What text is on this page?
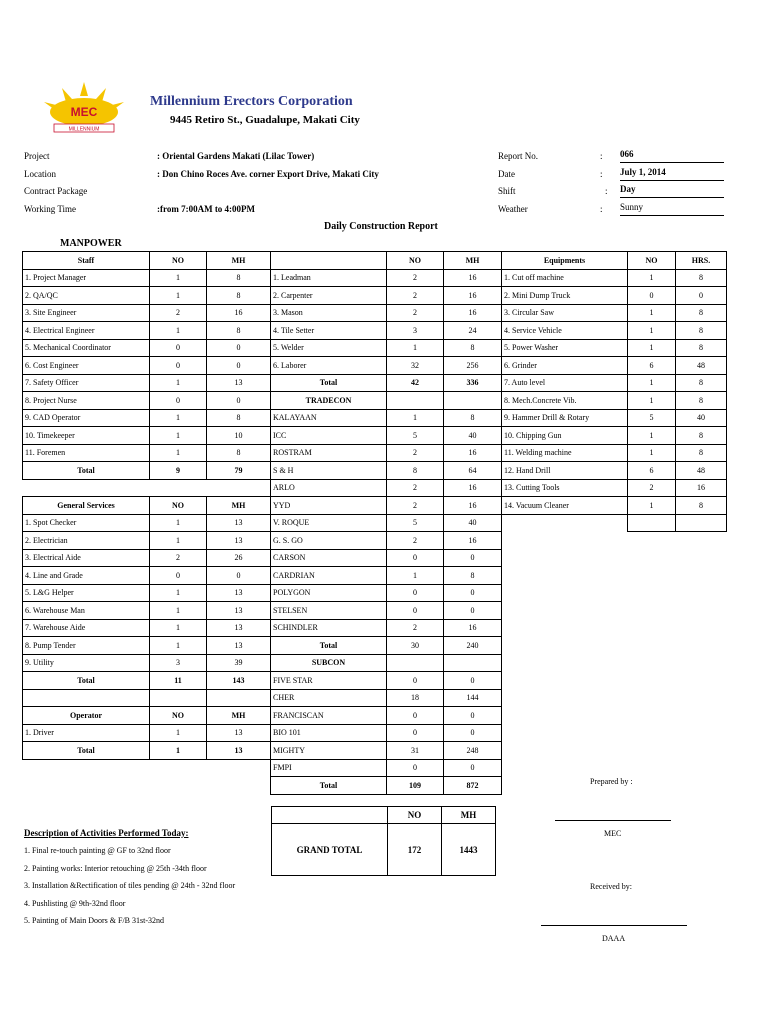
MEC
MILLENNIUM
Millennium Erectors Corporation
9445 Retiro St., Guadalupe, Makati City
Project	: Oriental Gardens Makati (Lilac Tower)
Location	: Don Chino Roces Ave. corner Export Drive, Makati City
Contract Package
Working Time	:from 7:00AM to 4:00PM
Report No.	: 066
Date	: July 1, 2014
Shift	: Day
Weather	: Sunny
Daily Construction Report
MANPOWER
Staff	NO	MH		NO	MH	Equipments	NO	HRS.
1. Project Manager	1	8	1. Leadman	2	16	1. Cut off machine	1	8
2. QA/QC	1	8	2. Carpenter	2	16	2. Mini Dump Truck	0	0
3. Site Engineer	2	16	3. Mason	2	16	3. Circular Saw	1	8
4. Electrical Engineer	1	8	4. Tile Setter	3	24	4. Service Vehicle	1	8
5. Mechanical Coordinator	0	0	5. Welder	1	8	5. Power Washer	1	8
6. Cost Engineer	0	0	6. Laborer	32	256	6. Grinder	6	48
7. Safety Officer	1	13	Total	42	336	7. Auto level	1	8
8. Project Nurse	0	0	TRADECON			8. Mech.Concrete Vib.	1	8
9. CAD Operator	1	8	KALAYAAN	1	8	9. Hammer Drill & Rotary	5	40
10. Timekeeper	1	10	ICC	5	40	10. Chipping Gun	1	8
11. Foremen	1	8	ROSTRAM	2	16	11. Welding machine	1	8
Total	9	79	S & H	8	64	12. Hand Drill	6	48
			ARLO	2	16	13. Cutting Tools	2	16
General Services	NO	MH	YYD	2	16	14. Vacuum Cleaner	1	8
1. Spot Checker	1	13	V. ROQUE	5	40			
2. Electrician	1	13	G. S. GO	2	16			
3. Electrical Aide	2	26	CARSON	0	0			
4. Line and Grade	0	0	CARDRIAN	1	8			
5. L&G Helper	1	13	POLYGON	0	0			
6. Warehouse Man	1	13	STELSEN	0	0			
7. Warehouse Aide	1	13	SCHINDLER	2	16			
8. Pump Tender	1	13	Total	30	240			
9. Utility	3	39	SUBCON					
Total	11	143	FIVE STAR	0	0			
			CHER	18	144			
Operator	NO	MH	FRANCISCAN	0	0			
1. Driver	1	13	BIO 101	0	0			
Total	1	13	MIGHTY	31	248			
			FMPI	0	0			
			Total	109	872			
	NO	MH
GRAND TOTAL	172	1443
Description of Activities Performed Today:
1. Final re-touch painting @ GF to 32nd floor
2. Painting works: Interior retouching @ 25th -34th floor
3. Installation &Rectification of tiles pending @ 24th - 32nd floor
4. Pushlisting @ 9th-32nd floor
5. Painting of Main Doors & F/B 31st-32nd
Prepared by :
MEC
Received by:
DAAA
